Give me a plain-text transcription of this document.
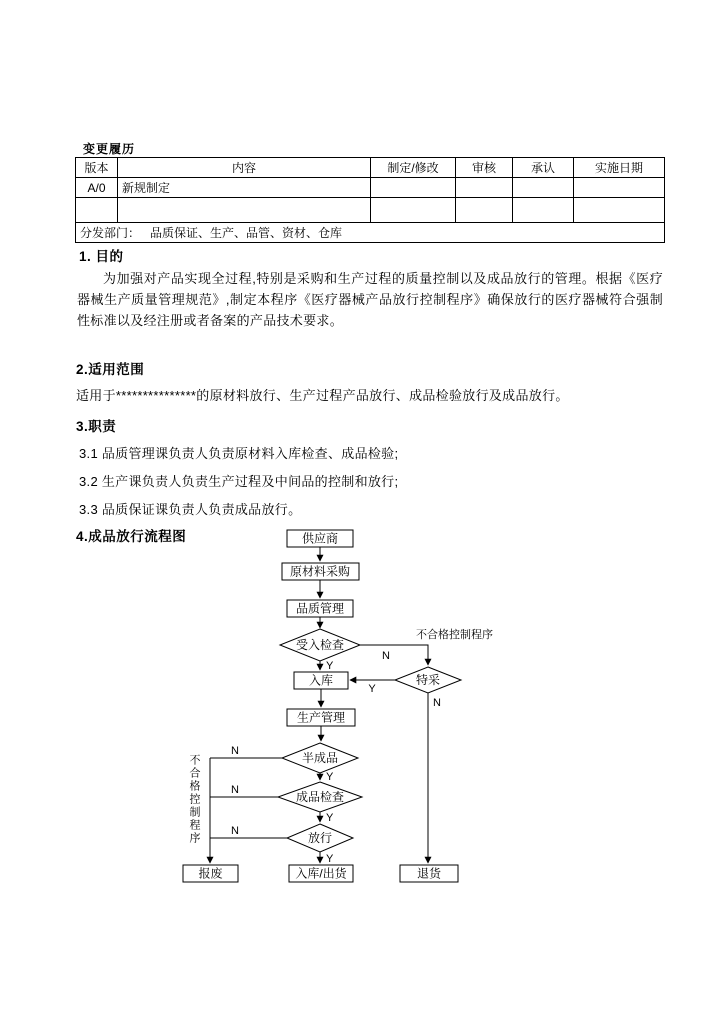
变更履历
版本	内容	制定/修改	审核	承认	实施日期
A/0	新规制定				

分发部门：   品质保证、生产、品管、资材、仓库					
1. 目的
为加强对产品实现全过程,特别是采购和生产过程的质量控制以及成品放行的管理。根据《医疗器械生产质量管理规范》,制定本程序《医疗器械产品放行控制程序》确保放行的医疗器械符合强制性标准以及经注册或者备案的产品技术要求。
2.适用范围
适用于***************的原材料放行、生产过程产品放行、成品检验放行及成品放行。
3.职责
3.1 品质管理课负责人负责原材料入库检查、成品检验;
3.2 生产课负责人负责生产过程及中间品的控制和放行;
3.3 品质保证课负责人负责成品放行。
4.成品放行流程图	供应商
原材料采购
品质管理
受入检查
特采
入库
生产管理
半成品
成品检查
放行
报废	入库/出货	退货
不合格控制程序
N
Y
Y
N
N
N
N
Y
Y
Y
不合格控制程序
